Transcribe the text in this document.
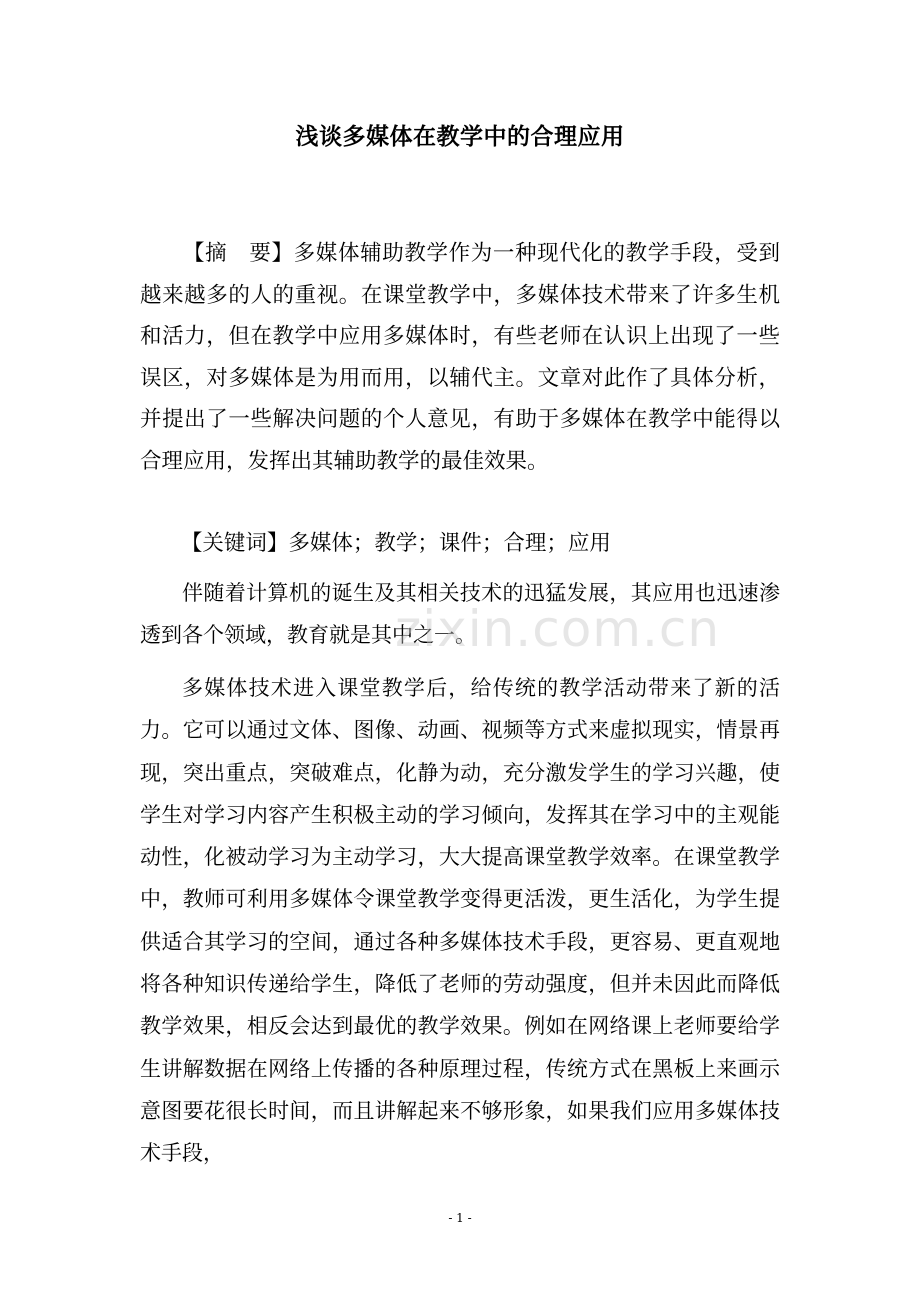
浅谈多媒体在教学中的合理应用
【摘　要】多媒体辅助教学作为一种现代化的教学手段，受到越来越多的人的重视。在课堂教学中，多媒体技术带来了许多生机和活力，但在教学中应用多媒体时，有些老师在认识上出现了一些误区，对多媒体是为用而用，以辅代主。文章对此作了具体分析，并提出了一些解决问题的个人意见，有助于多媒体在教学中能得以合理应用，发挥出其辅助教学的最佳效果。
【关键词】多媒体；教学；课件；合理；应用
伴随着计算机的诞生及其相关技术的迅猛发展，其应用也迅速渗透到各个领域，教育就是其中之一。
多媒体技术进入课堂教学后，给传统的教学活动带来了新的活力。它可以通过文体、图像、动画、视频等方式来虚拟现实，情景再现，突出重点，突破难点，化静为动，充分激发学生的学习兴趣，使学生对学习内容产生积极主动的学习倾向，发挥其在学习中的主观能动性，化被动学习为主动学习，大大提高课堂教学效率。在课堂教学中，教师可利用多媒体令课堂教学变得更活泼，更生活化，为学生提供适合其学习的空间，通过各种多媒体技术手段，更容易、更直观地将各种知识传递给学生，降低了老师的劳动强度，但并未因此而降低教学效果，相反会达到最优的教学效果。例如在网络课上老师要给学生讲解数据在网络上传播的各种原理过程，传统方式在黑板上来画示意图要花很长时间，而且讲解起来不够形象，如果我们应用多媒体技术手段，
zixin.com.cn
- 1 -
